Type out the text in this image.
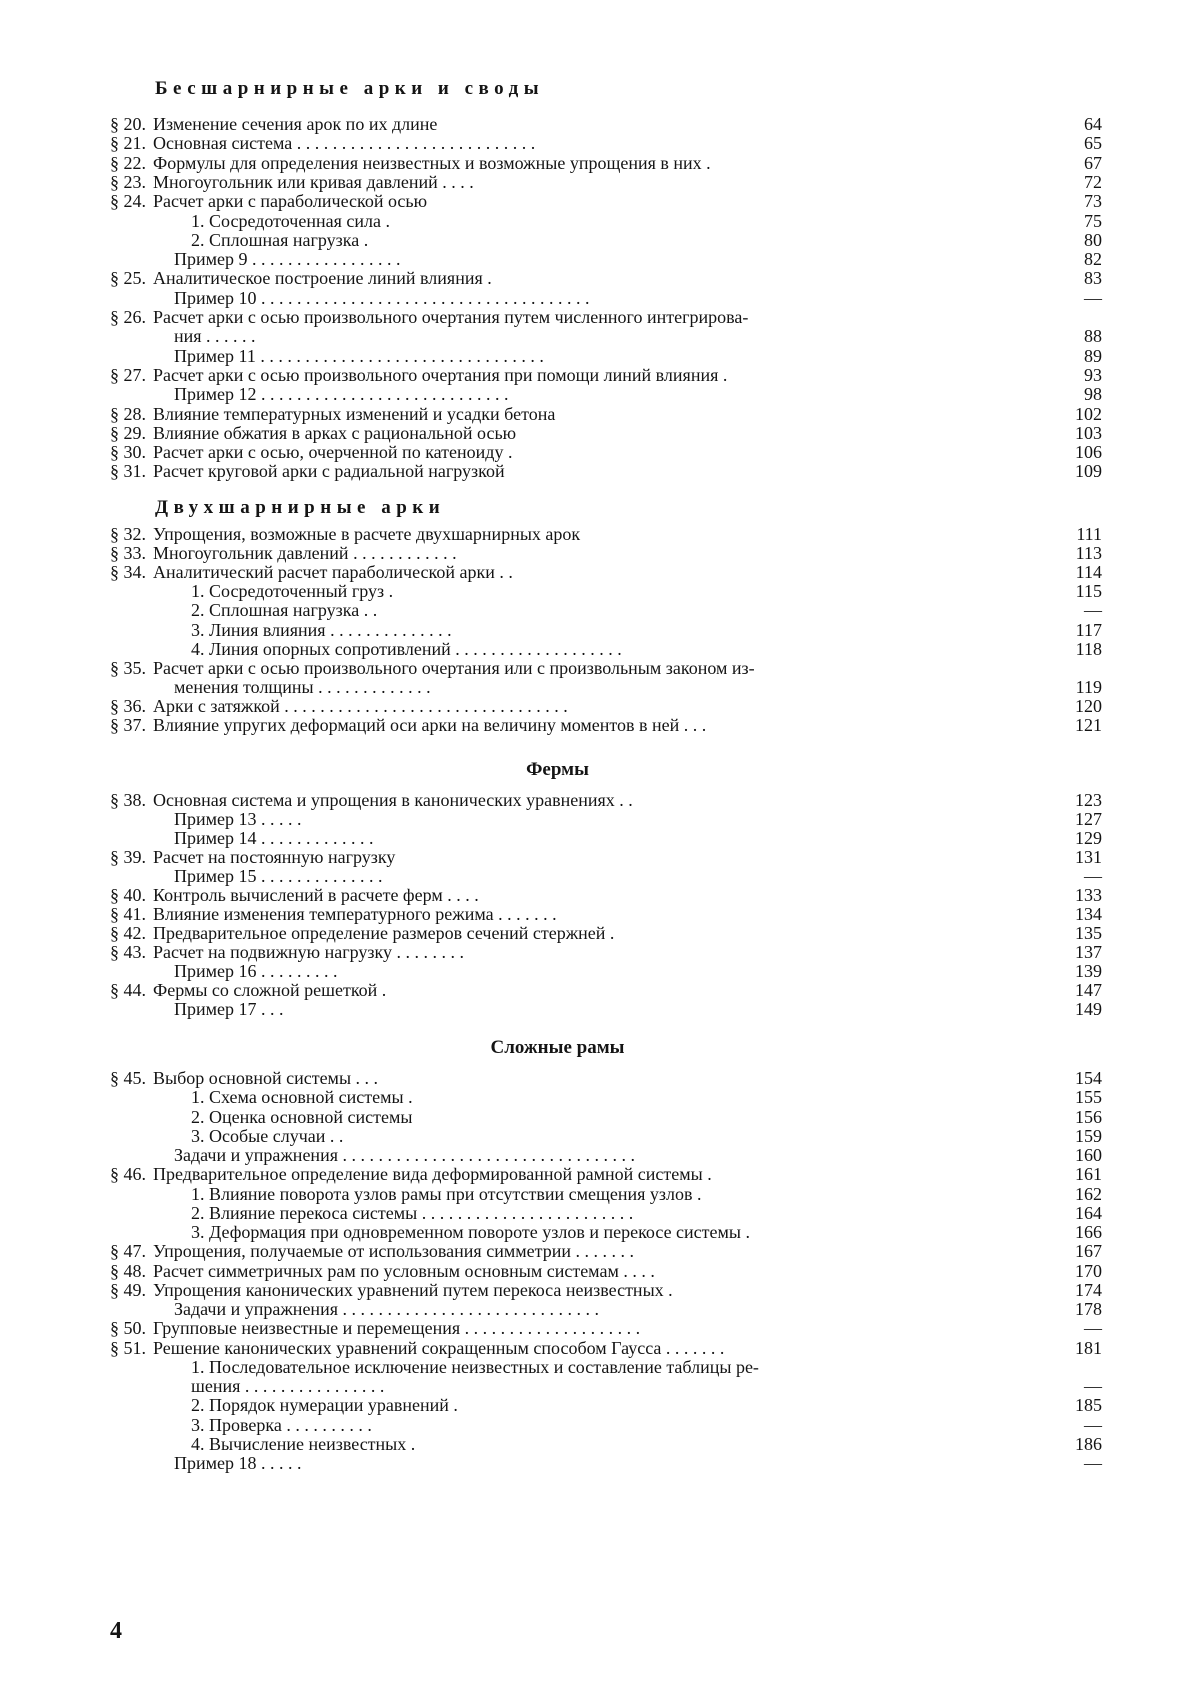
Бесшарнирные арки и своды
§ 20. Изменение сечения арок по их длине	64
§ 21. Основная система . . . . . . . . . . . . . . . . . . . . . . . . . . .	65
§ 22. Формулы для определения неизвестных и возможные упрощения в них .	67
§ 23. Многоугольник или кривая давлений . . . .	72
§ 24. Расчет арки с параболической осью	73
1. Сосредоточенная сила .	75
2. Сплошная нагрузка .	80
Пример 9 . . . . . . . . . . . . . . . . .	82
§ 25. Аналитическое построение линий влияния .	83
Пример 10 . . . . . . . . . . . . . . . . . . . . . . . . . . . . . . . . . . . . .	—
§ 26. Расчет арки с осью произвольного очертания путем численного интегрирова-
ния . . . . . .	88
Пример 11 . . . . . . . . . . . . . . . . . . . . . . . . . . . . . . . .	89
§ 27. Расчет арки с осью произвольного очертания при помощи линий влияния .	93
Пример 12 . . . . . . . . . . . . . . . . . . . . . . . . . . . .	98
§ 28. Влияние температурных изменений и усадки бетона	102
§ 29. Влияние обжатия в арках с рациональной осью	103
§ 30. Расчет арки с осью, очерченной по катеноиду .	106
§ 31. Расчет круговой арки с радиальной нагрузкой	109
Двухшарнирные арки
§ 32. Упрощения, возможные в расчете двухшарнирных арок	111
§ 33. Многоугольник давлений . . . . . . . . . . . .	113
§ 34. Аналитический расчет параболической арки . .	114
1. Сосредоточенный груз .	115
2. Сплошная нагрузка . .	—
3. Линия влияния . . . . . . . . . . . . . .	117
4. Линия опорных сопротивлений . . . . . . . . . . . . . . . . . . .	118
§ 35. Расчет арки с осью произвольного очертания или с произвольным законом из-
менения толщины . . . . . . . . . . . . .	119
§ 36. Арки с затяжкой . . . . . . . . . . . . . . . . . . . . . . . . . . . . . . . .	120
§ 37. Влияние упругих деформаций оси арки на величину моментов в ней . . .	121
Фермы
§ 38. Основная система и упрощения в канонических уравнениях . .	123
Пример 13 . . . . .	127
Пример 14 . . . . . . . . . . . . .	129
§ 39. Расчет на постоянную нагрузку	131
Пример 15 . . . . . . . . . . . . . .	—
§ 40. Контроль вычислений в расчете ферм . . . .	133
§ 41. Влияние изменения температурного режима . . . . . . .	134
§ 42. Предварительное определение размеров сечений стержней .	135
§ 43. Расчет на подвижную нагрузку . . . . . . . .	137
Пример 16 . . . . . . . . .	139
§ 44. Фермы со сложной решеткой .	147
Пример 17 . . .	149
Сложные рамы
§ 45. Выбор основной системы . . .	154
1. Схема основной системы .	155
2. Оценка основной системы	156
3. Особые случаи . .	159
Задачи и упражнения . . . . . . . . . . . . . . . . . . . . . . . . . . . . . . . . .	160
§ 46. Предварительное определение вида деформированной рамной системы .	161
1. Влияние поворота узлов рамы при отсутствии смещения узлов .	162
2. Влияние перекоса системы . . . . . . . . . . . . . . . . . . . . . . . .	164
3. Деформация при одновременном повороте узлов и перекосе системы .	166
§ 47. Упрощения, получаемые от использования симметрии . . . . . . .	167
§ 48. Расчет симметричных рам по условным основным системам . . . .	170
§ 49. Упрощения канонических уравнений путем перекоса неизвестных .	174
Задачи и упражнения . . . . . . . . . . . . . . . . . . . . . . . . . . . . .	178
§ 50. Групповые неизвестные и перемещения . . . . . . . . . . . . . . . . . . . .	—
§ 51. Решение канонических уравнений сокращенным способом Гаусса . . . . . . .	181
1. Последовательное исключение неизвестных и составление таблицы ре-
шения . . . . . . . . . . . . . . . .	—
2. Порядок нумерации уравнений .	185
3. Проверка . . . . . . . . . .	—
4. Вычисление неизвестных .	186
Пример 18 . . . . .	—
4
